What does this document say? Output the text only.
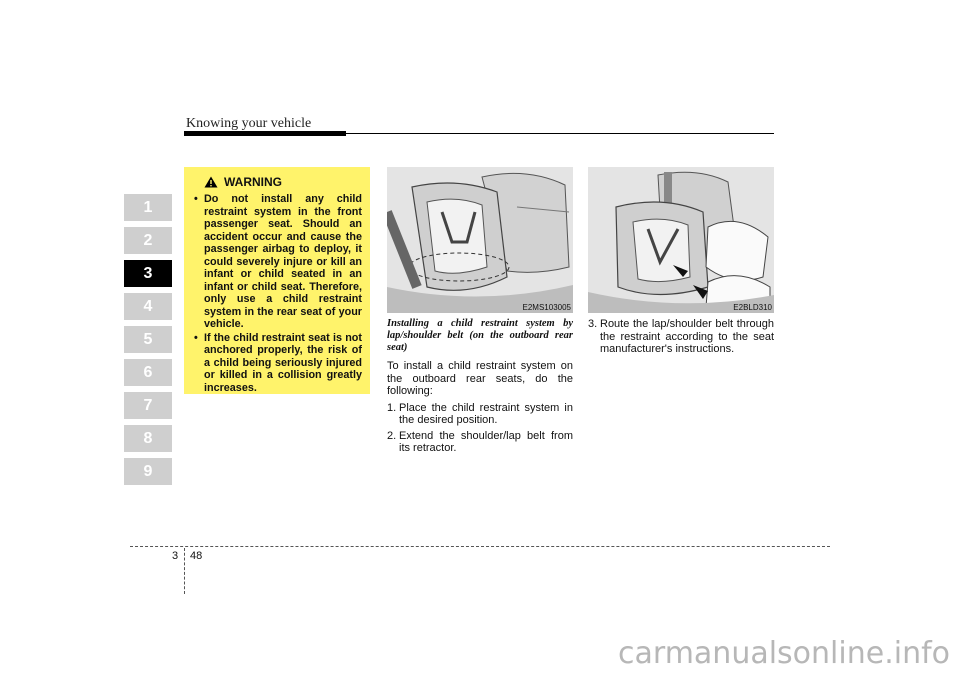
Knowing your vehicle
1
2
3
4
5
6
7
8
9
WARNING
• Do not install any child restraint system in the front passenger seat. Should an accident occur and cause the passenger airbag to deploy, it could severely injure or kill an infant or child seated in an infant or child seat. Therefore, only use a child restraint system in the rear seat of your vehicle.
• If the child restraint seat is not anchored properly, the risk of a child being seriously injured or killed in a collision greatly increases.
E2MS103005	E2BLD310
Installing a child restraint system by lap/shoulder belt (on the outboard rear seat)
To install a child restraint system on the outboard rear seats, do the following:
1. Place the child restraint system in the desired position.
2. Extend the shoulder/lap belt from its retractor.
3. Route the lap/shoulder belt through the restraint according to the seat manufacturer's instructions.
3 48
carmanualsonline.info
